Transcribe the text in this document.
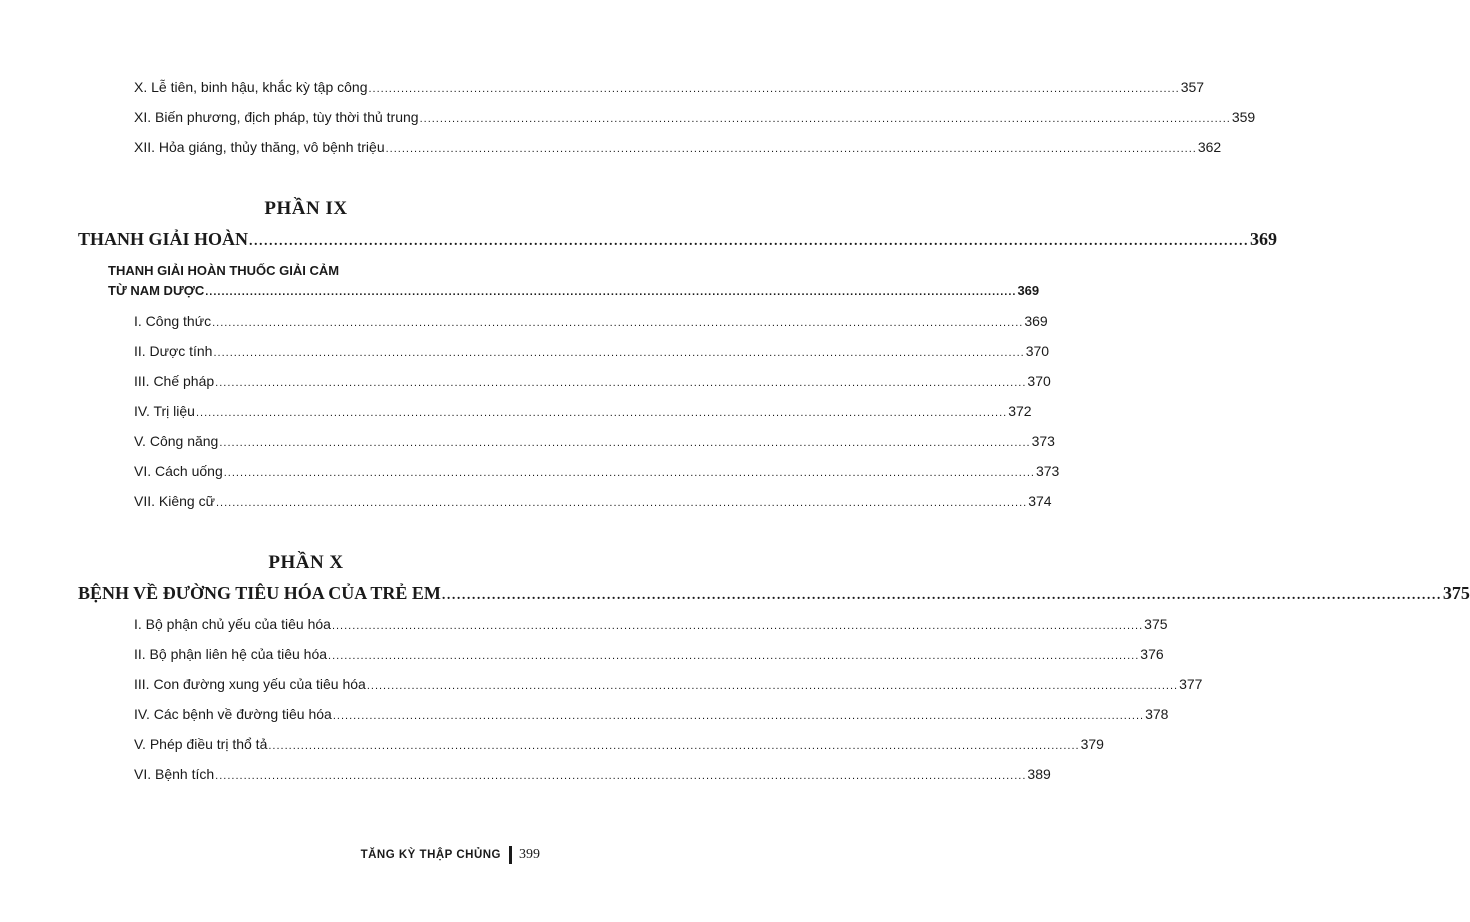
X. Lễ tiên, binh hậu, khắc kỳ tập công ........................................................................................................................................................................................................ 357
XI. Biến phương, địch pháp, tùy thời thủ trung ........................................................................................................................................................................................................ 359
XII. Hỏa giáng, thủy thăng, vô bệnh triệu ........................................................................................................................................................................................................ 362
PHẦN IX
THANH GIẢI HOÀN ........................................................................................................................................................................................................ 369
THANH GIẢI HOÀN THUỐC GIẢI CẢM
TỪ NAM DƯỢC ........................................................................................................................................................................................................ 369
I. Công thức ........................................................................................................................................................................................................ 369
II. Dược tính ........................................................................................................................................................................................................ 370
III. Chế pháp ........................................................................................................................................................................................................ 370
IV. Trị liệu ........................................................................................................................................................................................................ 372
V. Công năng ........................................................................................................................................................................................................ 373
VI. Cách uống ........................................................................................................................................................................................................ 373
VII. Kiêng cữ ........................................................................................................................................................................................................ 374
PHẦN X
BỆNH VỀ ĐƯỜNG TIÊU HÓA CỦA TRẺ EM ........................................................................................................................................................................................................ 375
I. Bộ phận chủ yếu của tiêu hóa ........................................................................................................................................................................................................ 375
II. Bộ phận liên hệ của tiêu hóa ........................................................................................................................................................................................................ 376
III. Con đường xung yếu của tiêu hóa ........................................................................................................................................................................................................ 377
IV. Các bệnh về đường tiêu hóa ........................................................................................................................................................................................................ 378
V. Phép điều trị thổ tả ........................................................................................................................................................................................................ 379
VI. Bệnh tích ........................................................................................................................................................................................................ 389
TĂNG KỲ THẬP CHỦNG 399
